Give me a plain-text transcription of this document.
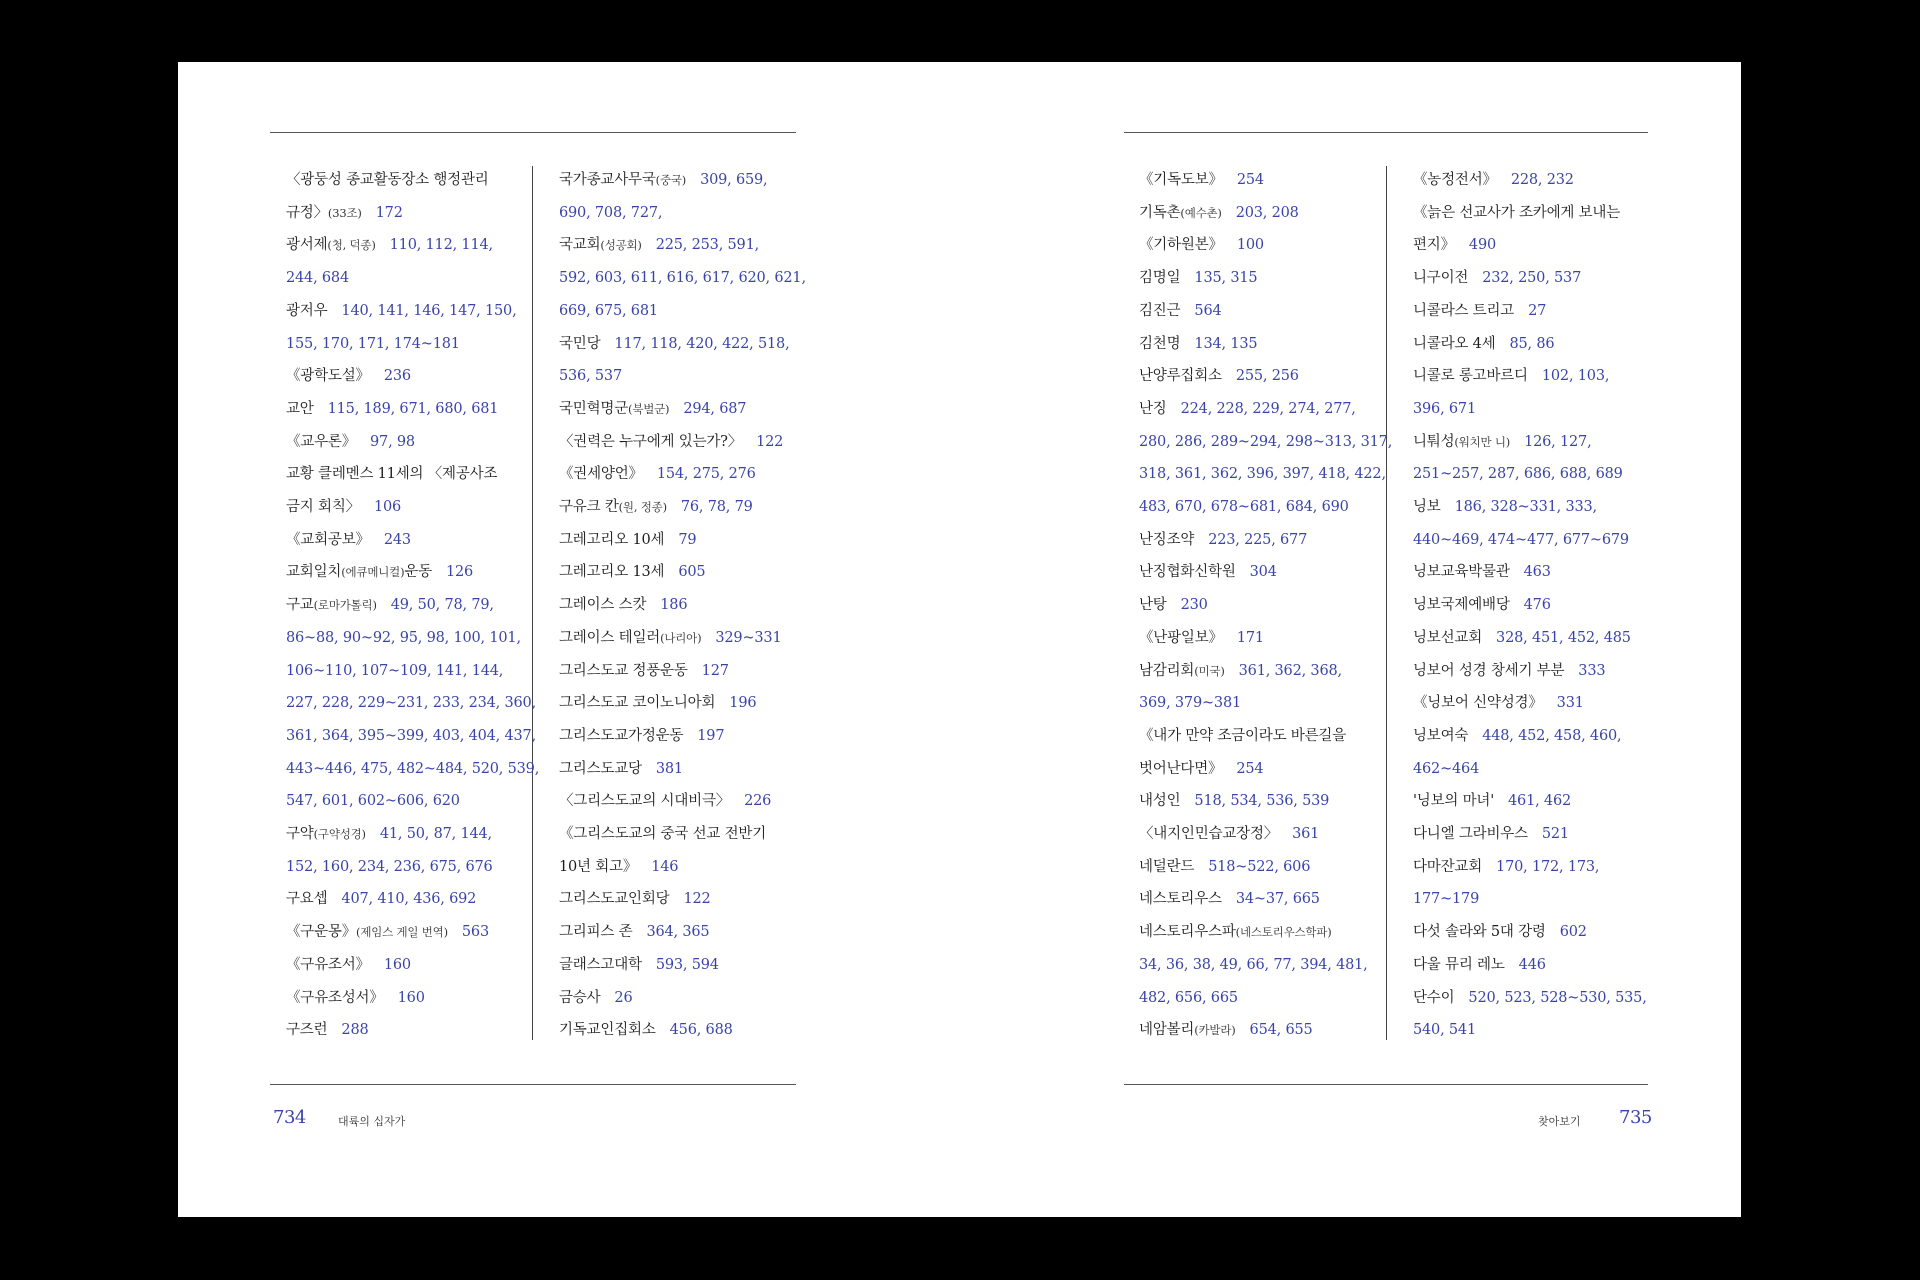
〈광둥성 종교활동장소 행정관리

규정〉(33조) 172

광서제(청, 덕종) 110, 112, 114,

244, 684

광저우 140, 141, 146, 147, 150,

155, 170, 171, 174~181

《광학도설》 236

교안 115, 189, 671, 680, 681

《교우론》 97, 98

교황 클레멘스 11세의 〈제공사조

금지 회칙〉 106

《교회공보》 243

교회일치(에큐메니컬)운동 126

구교(로마가톨릭) 49, 50, 78, 79,

86~88, 90~92, 95, 98, 100, 101,

106~110, 107~109, 141, 144,

227, 228, 229~231, 233, 234, 360,

361, 364, 395~399, 403, 404, 437,

443~446, 475, 482~484, 520, 539,

547, 601, 602~606, 620

구약(구약성경) 41, 50, 87, 144,

152, 160, 234, 236, 675, 676

구요셉 407, 410, 436, 692

《구운몽》(제임스 게일 번역) 563

《구유조서》 160

《구유조성서》 160

구즈런 288

국가종교사무국(중국) 309, 659,

690, 708, 727,

국교회(성공회) 225, 253, 591,

592, 603, 611, 616, 617, 620, 621,

669, 675, 681

국민당 117, 118, 420, 422, 518,

536, 537

국민혁명군(북벌군) 294, 687

〈권력은 누구에게 있는가?〉 122

《권세양언》 154, 275, 276

구유크 칸(원, 정종) 76, 78, 79

그레고리오 10세 79

그레고리오 13세 605

그레이스 스캇 186

그레이스 테일러(나리아) 329~331

그리스도교 정풍운동 127

그리스도교 코이노니아회 196

그리스도교가정운동 197

그리스도교당 381

〈그리스도교의 시대비극〉 226

《그리스도교의 중국 선교 전반기

10년 회고》 146

그리스도교인회당 122

그리피스 존 364, 365

글래스고대학 593, 594

금승사 26

기독교인집회소 456, 688

《기독도보》 254

기독촌(예수촌) 203, 208

《기하원본》 100

김명일 135, 315

김진근 564

김천명 134, 135

난양루집회소 255, 256

난징 224, 228, 229, 274, 277,

280, 286, 289~294, 298~313, 317,

318, 361, 362, 396, 397, 418, 422,

483, 670, 678~681, 684, 690

난징조약 223, 225, 677

난징협화신학원 304

난탕 230

《난팡일보》 171

남감리회(미국) 361, 362, 368,

369, 379~381

《내가 만약 조금이라도 바른길을

벗어난다면》 254

내성인 518, 534, 536, 539

〈내지인민습교장정〉 361

네덜란드 518~522, 606

네스토리우스 34~37, 665

네스토리우스파(네스토리우스학파)

34, 36, 38, 49, 66, 77, 394, 481,

482, 656, 665

네암볼리(카발라) 654, 655

《농정전서》 228, 232

《늙은 선교사가 조카에게 보내는

편지》 490

니구이전 232, 250, 537

니콜라스 트리고 27

니콜라오 4세 85, 86

니콜로 롱고바르디 102, 103,

396, 671

니퉈성(워치만 니) 126, 127,

251~257, 287, 686, 688, 689

닝보 186, 328~331, 333,

440~469, 474~477, 677~679

닝보교육박물관 463

닝보국제예배당 476

닝보선교회 328, 451, 452, 485

닝보어 성경 창세기 부분 333

《닝보어 신약성경》 331

닝보여숙 448, 452, 458, 460,

462~464

'닝보의 마녀' 461, 462

다니엘 그라비우스 521

다마잔교회 170, 172, 173,

177~179

다섯 솔라와 5대 강령 602

다울 뮤리 레노 446

단수이 520, 523, 528~530, 535,

540, 541

734	대륙의 십자가	찾아보기 735
